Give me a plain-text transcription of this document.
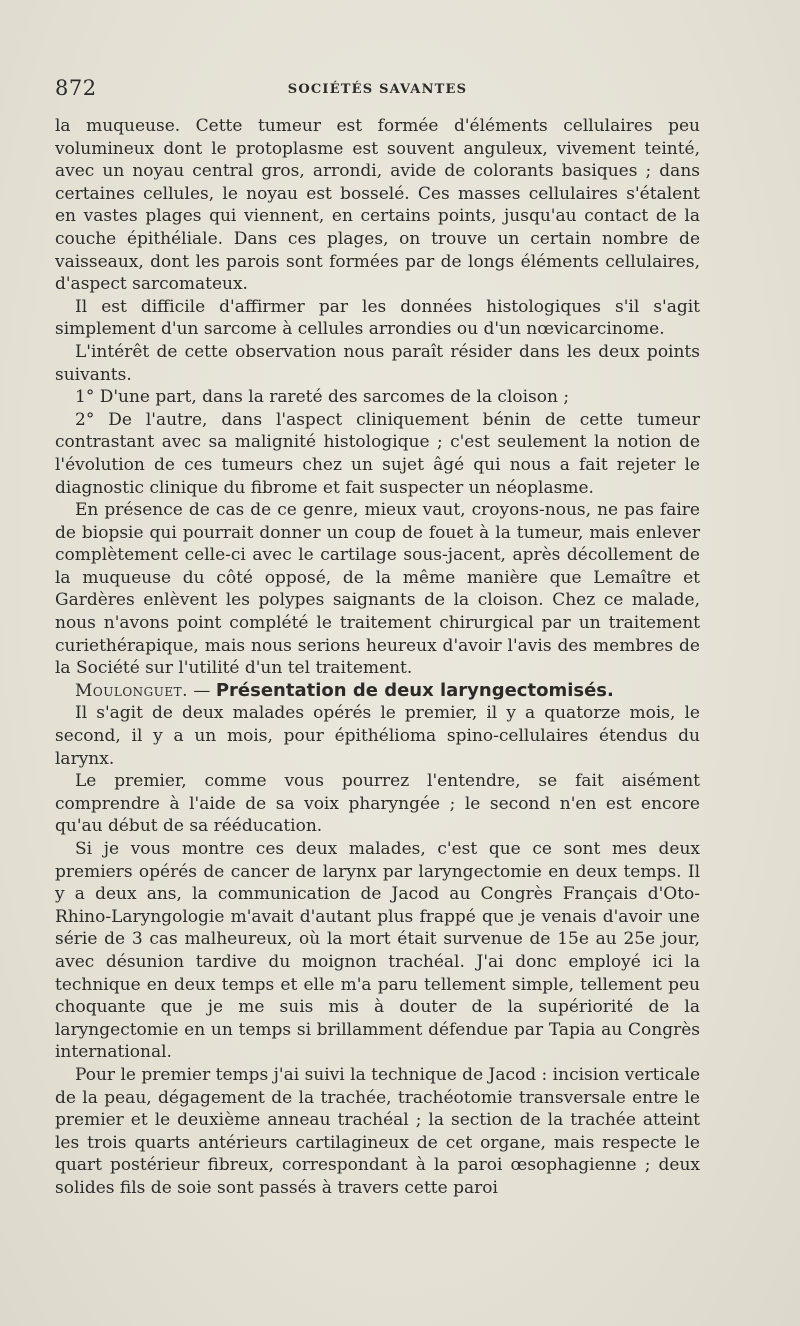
872	SOCIÉTÉS SAVANTES

la muqueuse. Cette tumeur est formée d'éléments cellulaires peu volumineux dont le protoplasme est souvent anguleux, vivement teinté, avec un noyau central gros, arrondi, avide de colorants basiques ; dans certaines cellules, le noyau est bosselé. Ces masses cellulaires s'étalent en vastes plages qui viennent, en certains points, jusqu'au contact de la couche épithéliale. Dans ces plages, on trouve un certain nombre de vaisseaux, dont les parois sont formées par de longs éléments cellulaires, d'aspect sarcomateux.

Il est difficile d'affirmer par les données histologiques s'il s'agit simplement d'un sarcome à cellules arrondies ou d'un nœvicarcinome.

L'intérêt de cette observation nous paraît résider dans les deux points suivants.

1° D'une part, dans la rareté des sarcomes de la cloison ;

2° De l'autre, dans l'aspect cliniquement bénin de cette tumeur contrastant avec sa malignité histologique ; c'est seulement la notion de l'évolution de ces tumeurs chez un sujet âgé qui nous a fait rejeter le diagnostic clinique du fibrome et fait suspecter un néoplasme.

En présence de cas de ce genre, mieux vaut, croyons-nous, ne pas faire de biopsie qui pourrait donner un coup de fouet à la tumeur, mais enlever complètement celle-ci avec le cartilage sous-jacent, après décollement de la muqueuse du côté opposé, de la même manière que Lemaître et Gardères enlèvent les polypes saignants de la cloison. Chez ce malade, nous n'avons point complété le traitement chirurgical par un traitement curiethérapique, mais nous serions heureux d'avoir l'avis des membres de la Société sur l'utilité d'un tel traitement.

Moulonguet. — Présentation de deux laryngectomisés.

Il s'agit de deux malades opérés le premier, il y a quatorze mois, le second, il y a un mois, pour épithélioma spino-cellulaires étendus du larynx.

Le premier, comme vous pourrez l'entendre, se fait aisément comprendre à l'aide de sa voix pharyngée ; le second n'en est encore qu'au début de sa rééducation.

Si je vous montre ces deux malades, c'est que ce sont mes deux premiers opérés de cancer de larynx par laryngectomie en deux temps. Il y a deux ans, la communication de Jacod au Congrès Français d'Oto-Rhino-Laryngologie m'avait d'autant plus frappé que je venais d'avoir une série de 3 cas malheureux, où la mort était survenue de 15e au 25e jour, avec désunion tardive du moignon trachéal. J'ai donc employé ici la technique en deux temps et elle m'a paru tellement simple, tellement peu choquante que je me suis mis à douter de la supériorité de la laryngectomie en un temps si brillamment défendue par Tapia au Congrès international.

Pour le premier temps j'ai suivi la technique de Jacod : incision verticale de la peau, dégagement de la trachée, trachéotomie transversale entre le premier et le deuxième anneau trachéal ; la section de la trachée atteint les trois quarts antérieurs cartilagineux de cet organe, mais respecte le quart postérieur fibreux, correspondant à la paroi œsophagienne ; deux solides fils de soie sont passés à travers cette paroi
